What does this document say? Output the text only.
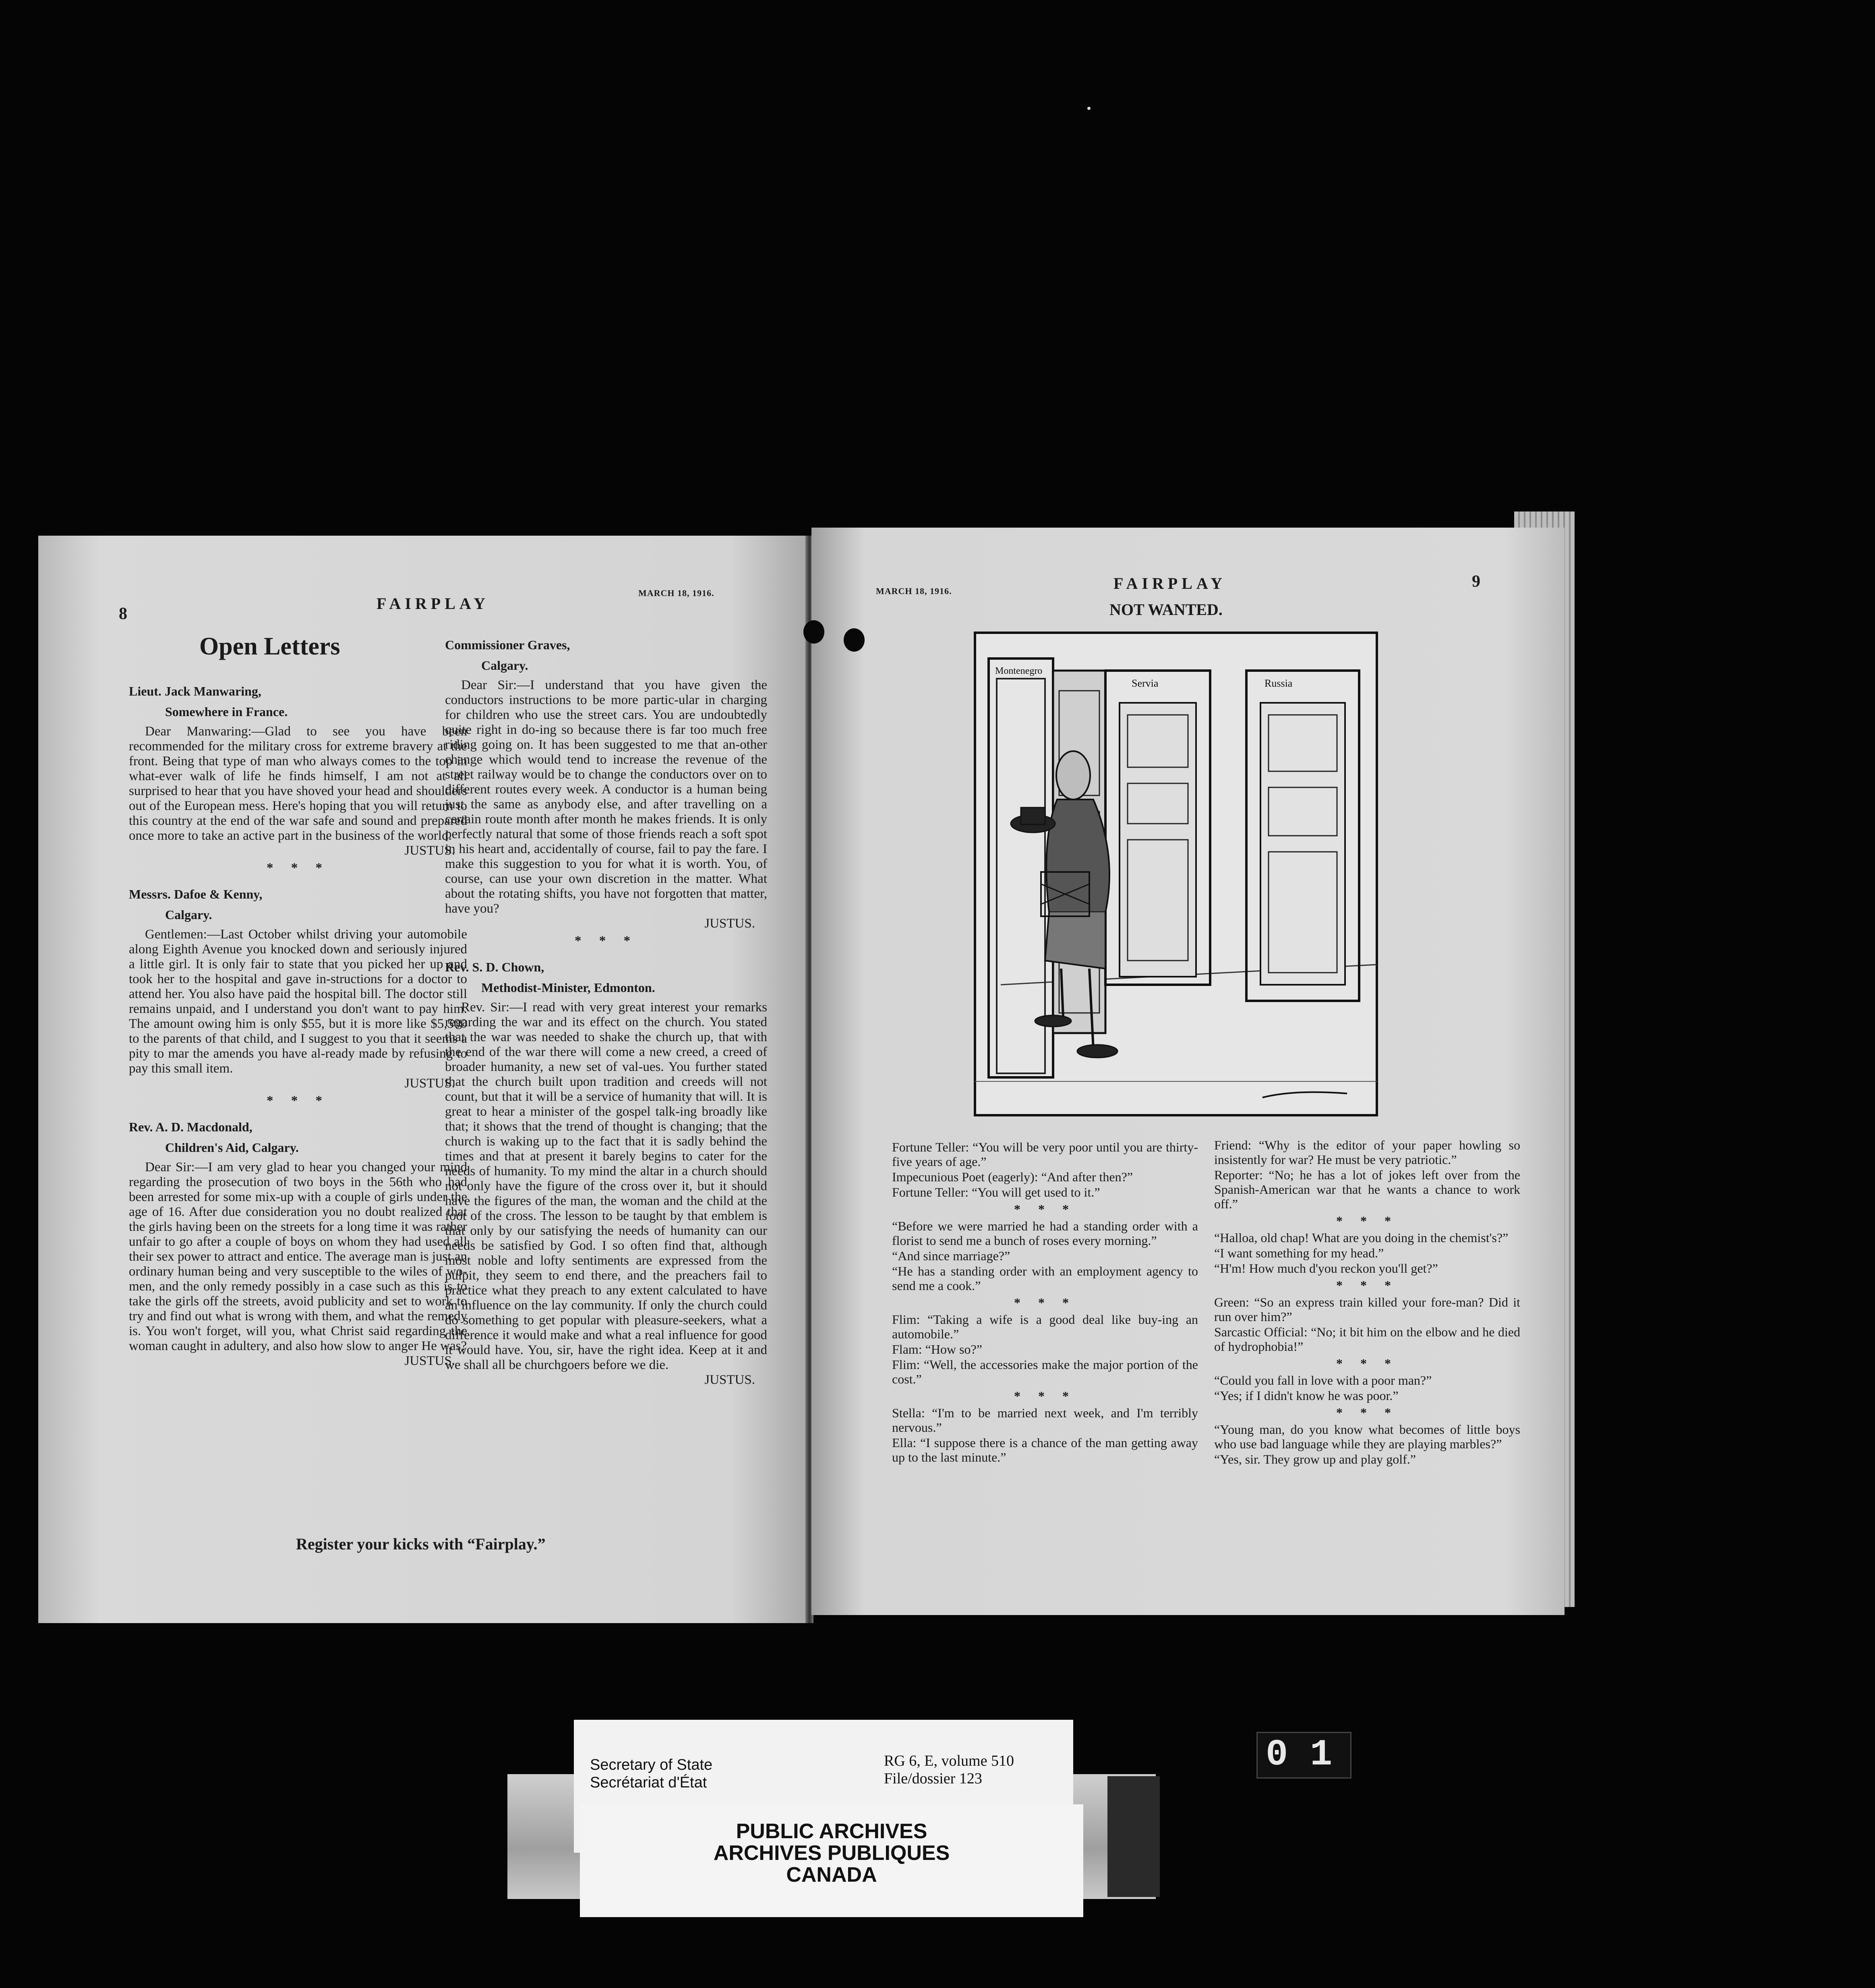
8
FAIRPLAY
MARCH 18, 1916.
Open Letters

Lieut. Jack Manwaring,

Somewhere in France.

Dear Manwaring:—Glad to see you have been recommended for the military cross for extreme bravery at the front. Being that type of man who always comes to the top in what-ever walk of life he finds himself, I am not at all surprised to hear that you have shoved your head and shoulders out of the European mess. Here's hoping that you will return to this country at the end of the war safe and sound and prepared once more to take an active part in the business of the world.

JUSTUS.

* * *

Messrs. Dafoe & Kenny,

Calgary.

Gentlemen:—Last October whilst driving your automobile along Eighth Avenue you knocked down and seriously injured a little girl. It is only fair to state that you picked her up and took her to the hospital and gave in-structions for a doctor to attend her. You also have paid the hospital bill. The doctor still remains unpaid, and I understand you don't want to pay him. The amount owing him is only $55, but it is more like $5,500 to the parents of that child, and I suggest to you that it seems a pity to mar the amends you have al-ready made by refusing to pay this small item.

JUSTUS.

* * *

Rev. A. D. Macdonald,

Children's Aid, Calgary.

Dear Sir:—I am very glad to hear you changed your mind regarding the prosecution of two boys in the 56th who had been arrested for some mix-up with a couple of girls under the age of 16. After due consideration you no doubt realized that the girls having been on the streets for a long time it was rather unfair to go after a couple of boys on whom they had used all their sex power to attract and entice. The average man is just an ordinary human being and very susceptible to the wiles of wo-men, and the only remedy possibly in a case such as this is to take the girls off the streets, avoid publicity and set to work to try and find out what is wrong with them, and what the remedy is. You won't forget, will you, what Christ said regarding the woman caught in adultery, and also how slow to anger He was?

JUSTUS.

Commissioner Graves,

Calgary.

Dear Sir:—I understand that you have given the conductors instructions to be more partic-ular in charging for children who use the street cars. You are undoubtedly quite right in do-ing so because there is far too much free riding going on. It has been suggested to me that an-other change which would tend to increase the revenue of the street railway would be to change the conductors over on to different routes every week. A conductor is a human being just the same as anybody else, and after travelling on a certain route month after month he makes friends. It is only perfectly natural that some of those friends reach a soft spot in his heart and, accidentally of course, fail to pay the fare. I make this suggestion to you for what it is worth. You, of course, can use your own discretion in the matter. What about the rotating shifts, you have not forgotten that matter, have you?

JUSTUS.

* * *

Rev. S. D. Chown,

Methodist-Minister, Edmonton.

Rev. Sir:—I read with very great interest your remarks regarding the war and its effect on the church. You stated that the war was needed to shake the church up, that with the end of the war there will come a new creed, a creed of broader humanity, a new set of val-ues. You further stated that the church built upon tradition and creeds will not count, but that it will be a service of humanity that will. It is great to hear a minister of the gospel talk-ing broadly like that; it shows that the trend of thought is changing; that the church is waking up to the fact that it is sadly behind the times and that at present it barely begins to cater for the needs of humanity. To my mind the altar in a church should not only have the figure of the cross over it, but it should have the figures of the man, the woman and the child at the foot of the cross. The lesson to be taught by that emblem is that only by our satisfying the needs of humanity can our needs be satisfied by God. I so often find that, although most noble and lofty sentiments are expressed from the pulpit, they seem to end there, and the preachers fail to practice what they preach to any extent calculated to have an influence on the lay community. If only the church could do something to get popular with pleasure-seekers, what a difference it would make and what a real influence for good it would have. You, sir, have the right idea. Keep at it and we shall all be churchgoers before we die.

JUSTUS.

Register your kicks with “Fairplay.”
MARCH 18, 1916.	FAIRPLAY	9
NOT WANTED.
Montenegro
Servia	Russia

Fortune Teller: “You will be very poor until you are thirty-five years of age.”

Impecunious Poet (eagerly): “And after then?”

Fortune Teller: “You will get used to it.”

* * *

“Before we were married he had a standing order with a florist to send me a bunch of roses every morning.”

“And since marriage?”

“He has a standing order with an employment agency to send me a cook.”

* * *

Flim: “Taking a wife is a good deal like buy-ing an automobile.”

Flam: “How so?”

Flim: “Well, the accessories make the major portion of the cost.”

* * *

Stella: “I'm to be married next week, and I'm terribly nervous.”

Ella: “I suppose there is a chance of the man getting away up to the last minute.”

Friend: “Why is the editor of your paper howling so insistently for war? He must be very patriotic.”

Reporter: “No; he has a lot of jokes left over from the Spanish-American war that he wants a chance to work off.”

* * *

“Halloa, old chap! What are you doing in the chemist's?”

“I want something for my head.”

“H'm! How much d'you reckon you'll get?”

* * *

Green: “So an express train killed your fore-man? Did it run over him?”

Sarcastic Official: “No; it bit him on the elbow and he died of hydrophobia!”

* * *

“Could you fall in love with a poor man?”

“Yes; if I didn't know he was poor.”

* * *

“Young man, do you know what becomes of little boys who use bad language while they are playing marbles?”

“Yes, sir. They grow up and play golf.”

Secretary of State
Secrétariat d'État
RG 6, E, volume 510
File/dossier 123
PUBLIC ARCHIVES
ARCHIVES PUBLIQUES
CANADA
0 1
